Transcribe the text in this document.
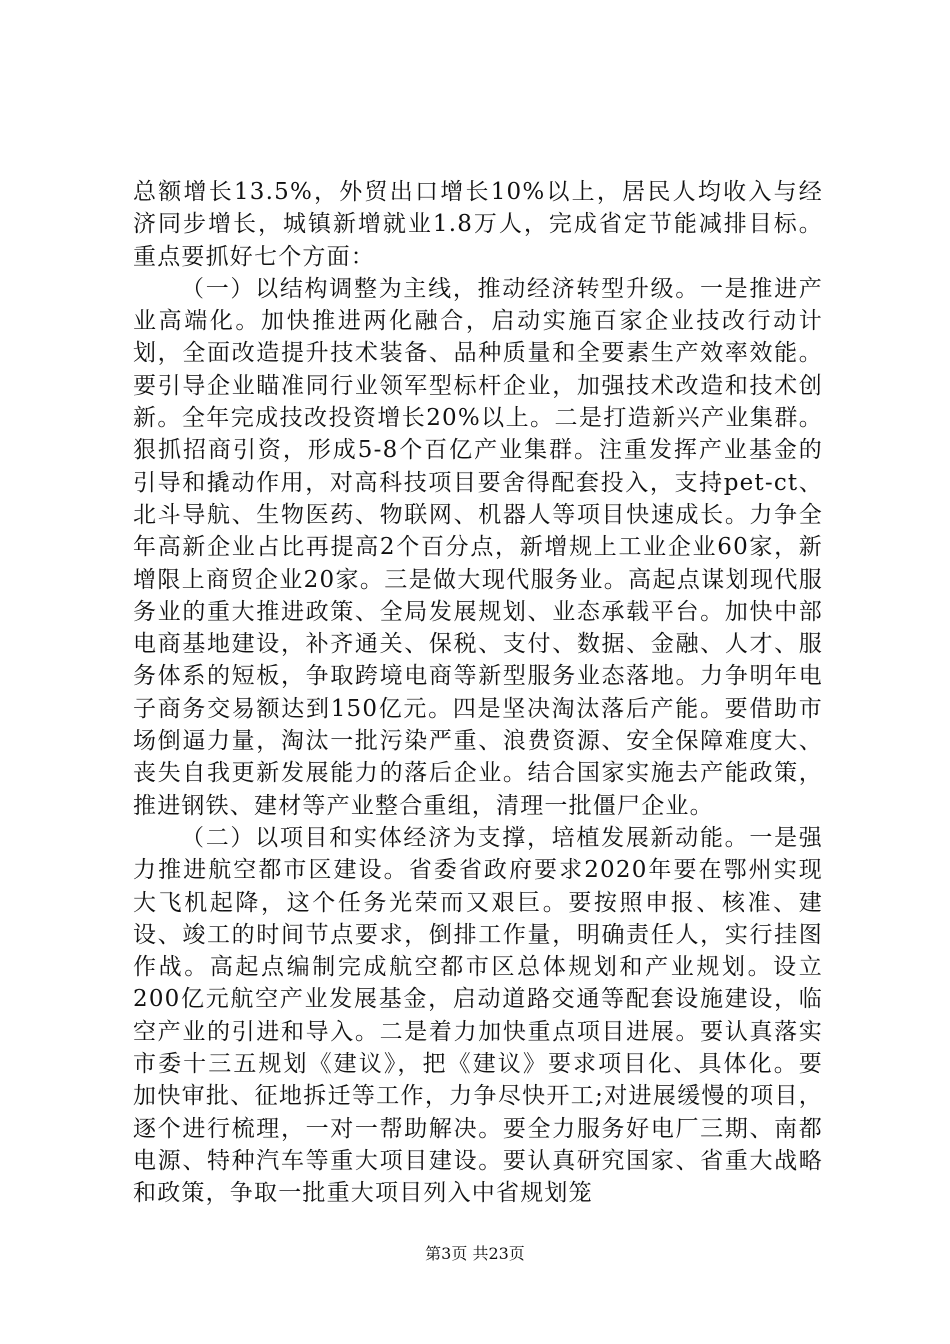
总额增长13.5%，外贸出口增长10%以上，居民人均收入与经济同步增长，城镇新增就业1.8万人，完成省定节能减排目标。重点要抓好七个方面：

（一）以结构调整为主线，推动经济转型升级。一是推进产业高端化。加快推进两化融合，启动实施百家企业技改行动计划，全面改造提升技术装备、品种质量和全要素生产效率效能。要引导企业瞄准同行业领军型标杆企业，加强技术改造和技术创新。全年完成技改投资增长20%以上。二是打造新兴产业集群。狠抓招商引资，形成5-8个百亿产业集群。注重发挥产业基金的引导和撬动作用，对高科技项目要舍得配套投入，支持pet-ct、北斗导航、生物医药、物联网、机器人等项目快速成长。力争全年高新企业占比再提高2个百分点，新增规上工业企业60家，新增限上商贸企业20家。三是做大现代服务业。高起点谋划现代服务业的重大推进政策、全局发展规划、业态承载平台。加快中部电商基地建设，补齐通关、保税、支付、数据、金融、人才、服务体系的短板，争取跨境电商等新型服务业态落地。力争明年电子商务交易额达到150亿元。四是坚决淘汰落后产能。要借助市场倒逼力量，淘汰一批污染严重、浪费资源、安全保障难度大、丧失自我更新发展能力的落后企业。结合国家实施去产能政策，推进钢铁、建材等产业整合重组，清理一批僵尸企业。

（二）以项目和实体经济为支撑，培植发展新动能。一是强力推进航空都市区建设。省委省政府要求2020年要在鄂州实现大飞机起降，这个任务光荣而又艰巨。要按照申报、核准、建设、竣工的时间节点要求，倒排工作量，明确责任人，实行挂图作战。高起点编制完成航空都市区总体规划和产业规划。设立200亿元航空产业发展基金，启动道路交通等配套设施建设，临空产业的引进和导入。二是着力加快重点项目进展。要认真落实市委十三五规划《建议》，把《建议》要求项目化、具体化。要加快审批、征地拆迁等工作，力争尽快开工;对进展缓慢的项目，逐个进行梳理，一对一帮助解决。要全力服务好电厂三期、南都电源、特种汽车等重大项目建设。要认真研究国家、省重大战略和政策，争取一批重大项目列入中省规划笼

第3页 共23页
